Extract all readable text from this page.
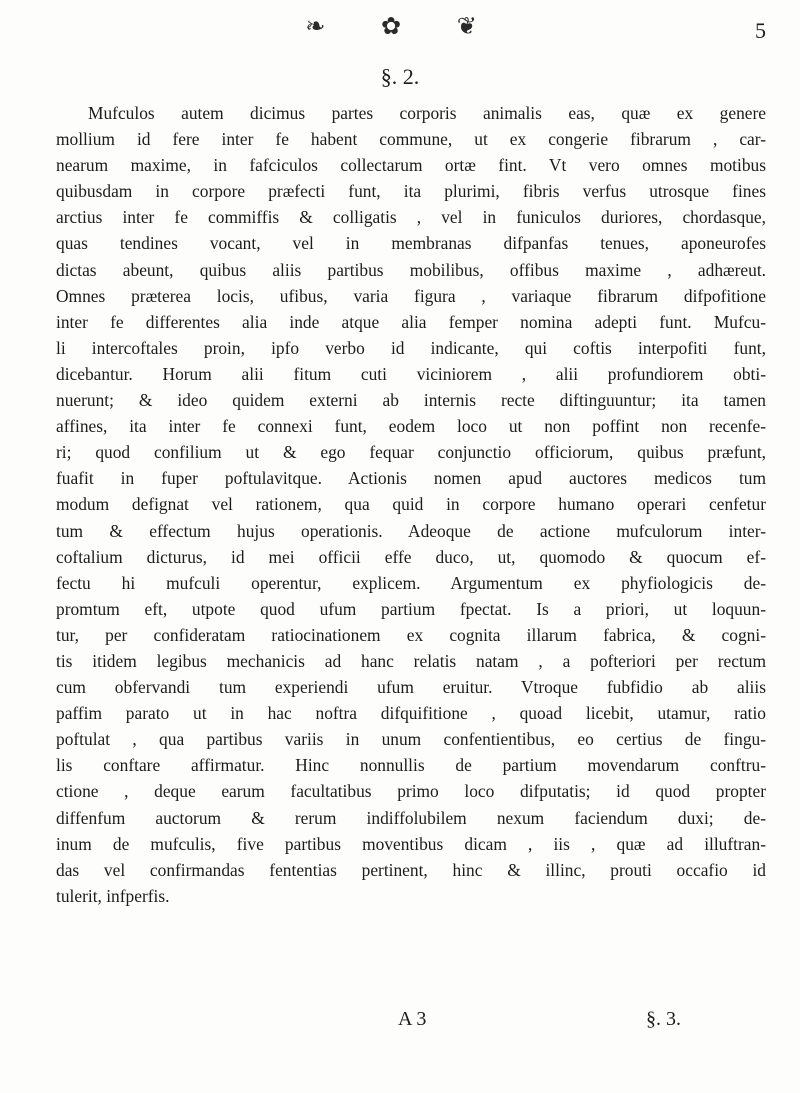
❧ ✿ ❦	5
§. 2.
Mufculos autem dicimus partes corporis animalis eas, quæ ex genere
mollium id fere inter fe habent commune, ut ex congerie fibrarum , car-
nearum maxime, in fafciculos collectarum ortæ fint. Vt vero omnes motibus
quibusdam in corpore præfecti funt, ita plurimi, fibris verfus utrosque fines
arctius inter fe commiffis & colligatis , vel in funiculos duriores, chordasque,
quas tendines vocant, vel in membranas difpanfas tenues, aponeurofes
dictas abeunt, quibus aliis partibus mobilibus, offibus maxime , adhæreut.
Omnes præterea locis, ufibus, varia figura , variaque fibrarum difpofitione
inter fe differentes alia inde atque alia femper nomina adepti funt. Mufcu-
li intercoftales proin, ipfo verbo id indicante, qui coftis interpofiti funt,
dicebantur. Horum alii fitum cuti viciniorem , alii profundiorem obti-
nuerunt; & ideo quidem externi ab internis recte diftinguuntur; ita tamen
affines, ita inter fe connexi funt, eodem loco ut non poffint non recenfe-
ri; quod confilium ut & ego fequar conjunctio officiorum, quibus præfunt,
fuafit in fuper poftulavitque. Actionis nomen apud auctores medicos tum
modum defignat vel rationem, qua quid in corpore humano operari cenfetur
tum & effectum hujus operationis. Adeoque de actione mufculorum inter-
coftalium dicturus, id mei officii effe duco, ut, quomodo & quocum ef-
fectu hi mufculi operentur, explicem. Argumentum ex phyfiologicis de-
promtum eft, utpote quod ufum partium fpectat. Is a priori, ut loquun-
tur, per confideratam ratiocinationem ex cognita illarum fabrica, & cogni-
tis itidem legibus mechanicis ad hanc relatis natam , a pofteriori per rectum
cum obfervandi tum experiendi ufum eruitur. Vtroque fubfidio ab aliis
paffim parato ut in hac noftra difquifitione , quoad licebit, utamur, ratio
poftulat , qua partibus variis in unum confentientibus, eo certius de fingu-
lis conftare affirmatur. Hinc nonnullis de partium movendarum conftru-
ctione , deque earum facultatibus primo loco difputatis; id quod propter
diffenfum auctorum & rerum indiffolubilem nexum faciendum duxi; de-
inum de mufculis, five partibus moventibus dicam , iis , quæ ad illuftran-
das vel confirmandas fententias pertinent, hinc & illinc, prouti occafio id
tulerit, infperfis.
A 3	§. 3.
